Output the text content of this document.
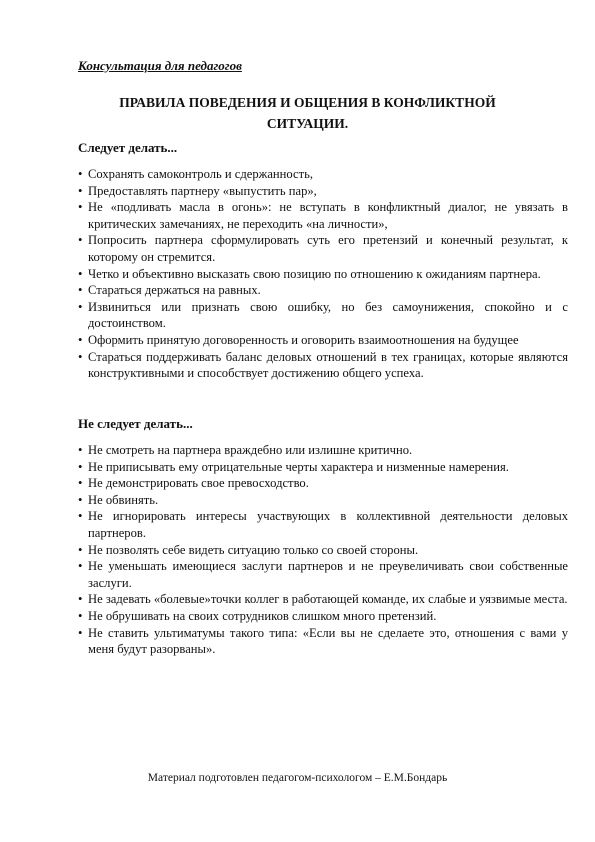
Консультация для педагогов
ПРАВИЛА ПОВЕДЕНИЯ И ОБЩЕНИЯ В КОНФЛИКТНОЙ СИТУАЦИИ.
Следует делать...
• Сохранять самоконтроль и сдержанность,
• Предоставлять партнеру «выпустить пар»,
• Не «подливать масла в огонь»: не вступать в конфликтный диалог, не увязать в критических замечаниях, не переходить «на личности»,
• Попросить партнера сформулировать суть его претензий и конечный результат, к которому он стремится.
• Четко и объективно высказать свою позицию по отношению к ожиданиям партнера.
• Стараться держаться на равных.
• Извиниться или признать свою ошибку, но без самоунижения, спокойно и с достоинством.
• Оформить принятую договоренность и оговорить взаимоотношения на будущее
• Стараться поддерживать баланс деловых отношений в тех границах, которые являются конструктивными и способствует достижению общего успеха.
Не следует делать...
• Не смотреть на партнера враждебно или излишне критично.
• Не приписывать ему отрицательные черты характера и низменные намерения.
• Не демонстрировать свое превосходство.
• Не обвинять.
• Не игнорировать интересы участвующих в коллективной деятельности деловых партнеров.
• Не позволять себе видеть ситуацию только со своей стороны.
• Не уменьшать имеющиеся заслуги партнеров и не преувеличивать свои собственные заслуги.
• Не задевать «болевые»точки коллег в работающей команде, их слабые и уязвимые места.
• Не обрушивать на своих сотрудников слишком много претензий.
• Не ставить ультиматумы такого типа: «Если вы не сделаете это, отношения с вами у меня будут разорваны».
Материал подготовлен педагогом-психологом – Е.М.Бондарь
